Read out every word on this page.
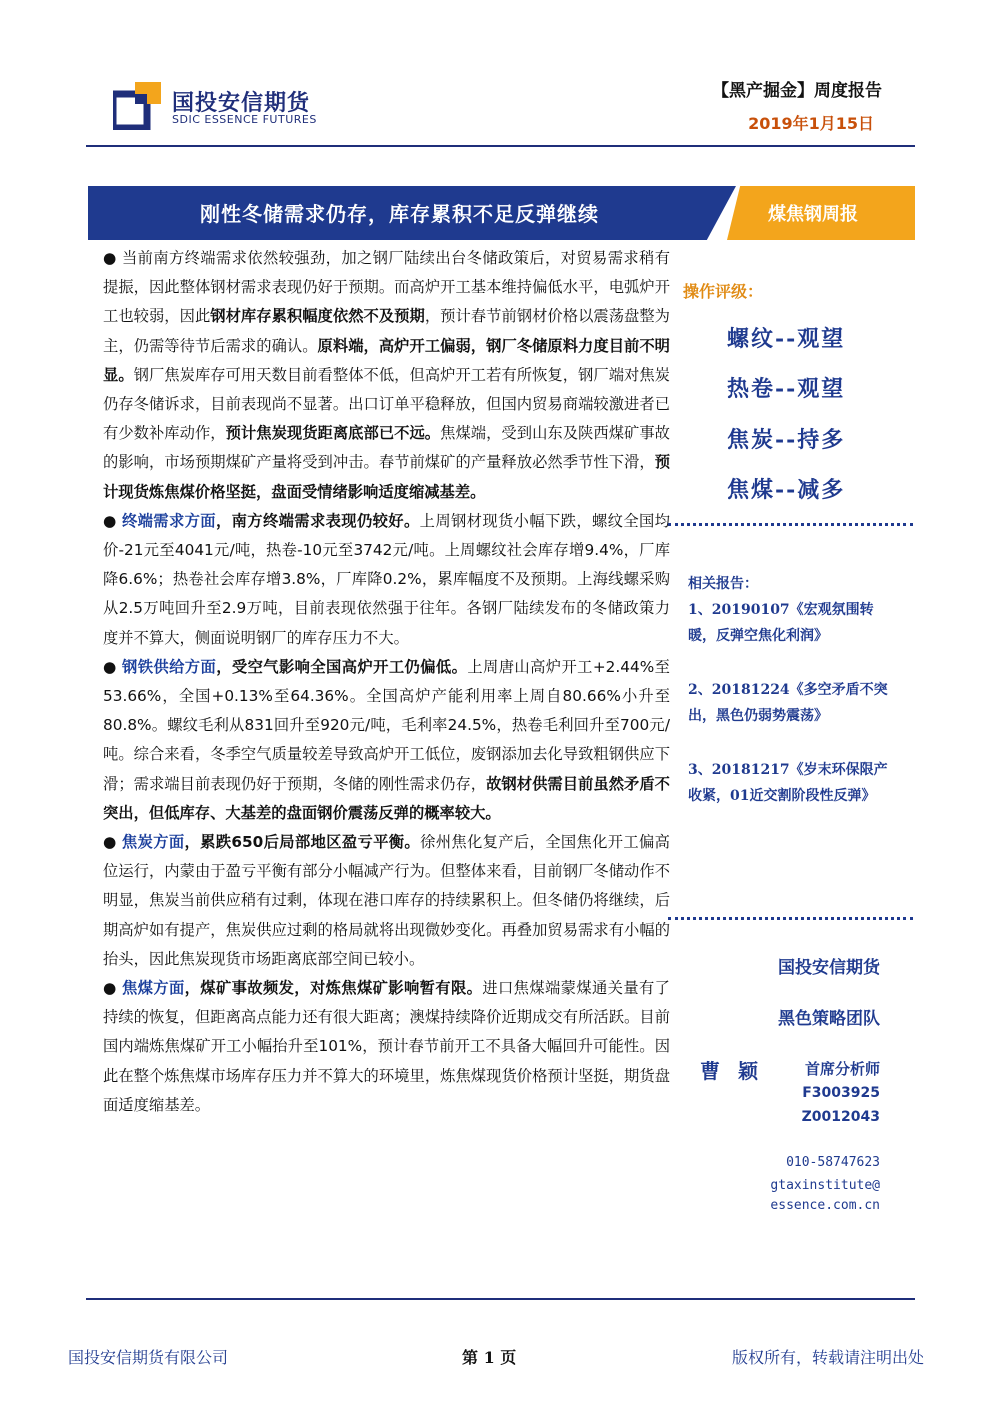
国投安信期货
SDIC ESSENCE FUTURES
【黑产掘金】周度报告
2019年1月15日
刚性冬储需求仍存，库存累积不足反弹继续	煤焦钢周报

● 当前南方终端需求依然较强劲，加之钢厂陆续出台冬储政策后，对贸易需求稍有提振，因此整体钢材需求表现仍好于预期。而高炉开工基本维持偏低水平，电弧炉开工也较弱，因此钢材库存累积幅度依然不及预期，预计春节前钢材价格以震荡盘整为主，仍需等待节后需求的确认。原料端，高炉开工偏弱，钢厂冬储原料力度目前不明显。钢厂焦炭库存可用天数目前看整体不低，但高炉开工若有所恢复，钢厂端对焦炭仍存冬储诉求，目前表现尚不显著。出口订单平稳释放，但国内贸易商端较激进者已有少数补库动作，预计焦炭现货距离底部已不远。焦煤端，受到山东及陕西煤矿事故的影响，市场预期煤矿产量将受到冲击。春节前煤矿的产量释放必然季节性下滑，预计现货炼焦煤价格坚挺，盘面受情绪影响适度缩减基差。

● 终端需求方面，南方终端需求表现仍较好。上周钢材现货小幅下跌，螺纹全国均价-21元至4041元/吨，热卷-10元至3742元/吨。上周螺纹社会库存增9.4%，厂库降6.6%；热卷社会库存增3.8%，厂库降0.2%，累库幅度不及预期。上海线螺采购从2.5万吨回升至2.9万吨，目前表现依然强于往年。各钢厂陆续发布的冬储政策力度并不算大，侧面说明钢厂的库存压力不大。

● 钢铁供给方面，受空气影响全国高炉开工仍偏低。上周唐山高炉开工+2.44%至53.66%，全国+0.13%至64.36%。全国高炉产能利用率上周自80.66%小升至80.8%。螺纹毛利从831回升至920元/吨，毛利率24.5%，热卷毛利回升至700元/吨。综合来看，冬季空气质量较差导致高炉开工低位，废钢添加去化导致粗钢供应下滑；需求端目前表现仍好于预期，冬储的刚性需求仍存，故钢材供需目前虽然矛盾不突出，但低库存、大基差的盘面钢价震荡反弹的概率较大。

● 焦炭方面，累跌650后局部地区盈亏平衡。徐州焦化复产后，全国焦化开工偏高位运行，内蒙由于盈亏平衡有部分小幅减产行为。但整体来看，目前钢厂冬储动作不明显，焦炭当前供应稍有过剩，体现在港口库存的持续累积上。但冬储仍将继续，后期高炉如有提产，焦炭供应过剩的格局就将出现微妙变化。再叠加贸易需求有小幅的抬头，因此焦炭现货市场距离底部空间已较小。

● 焦煤方面，煤矿事故频发，对炼焦煤矿影响暂有限。进口焦煤端蒙煤通关量有了持续的恢复，但距离高点能力还有很大距离；澳煤持续降价近期成交有所活跃。目前国内端炼焦煤矿开工小幅抬升至101%，预计春节前开工不具备大幅回升可能性。因此在整个炼焦煤市场库存压力并不算大的环境里，炼焦煤现货价格预计坚挺，期货盘面适度缩基差。

操作评级：
螺纹--观望
热卷--观望
焦炭--持多
焦煤--减多
相关报告：
1、20190107《宏观氛围转暖，反弹空焦化利润》
2、20181224《多空矛盾不突出，黑色仍弱势震荡》
3、20181217《岁末环保限产收紧，01近交割阶段性反弹》
国投安信期货
黑色策略团队
曹颖 首席分析师
F3003925
Z0012043
010-58747623
gtaxinstitute@
essence.com.cn
国投安信期货有限公司	第 1 页	版权所有，转载请注明出处
